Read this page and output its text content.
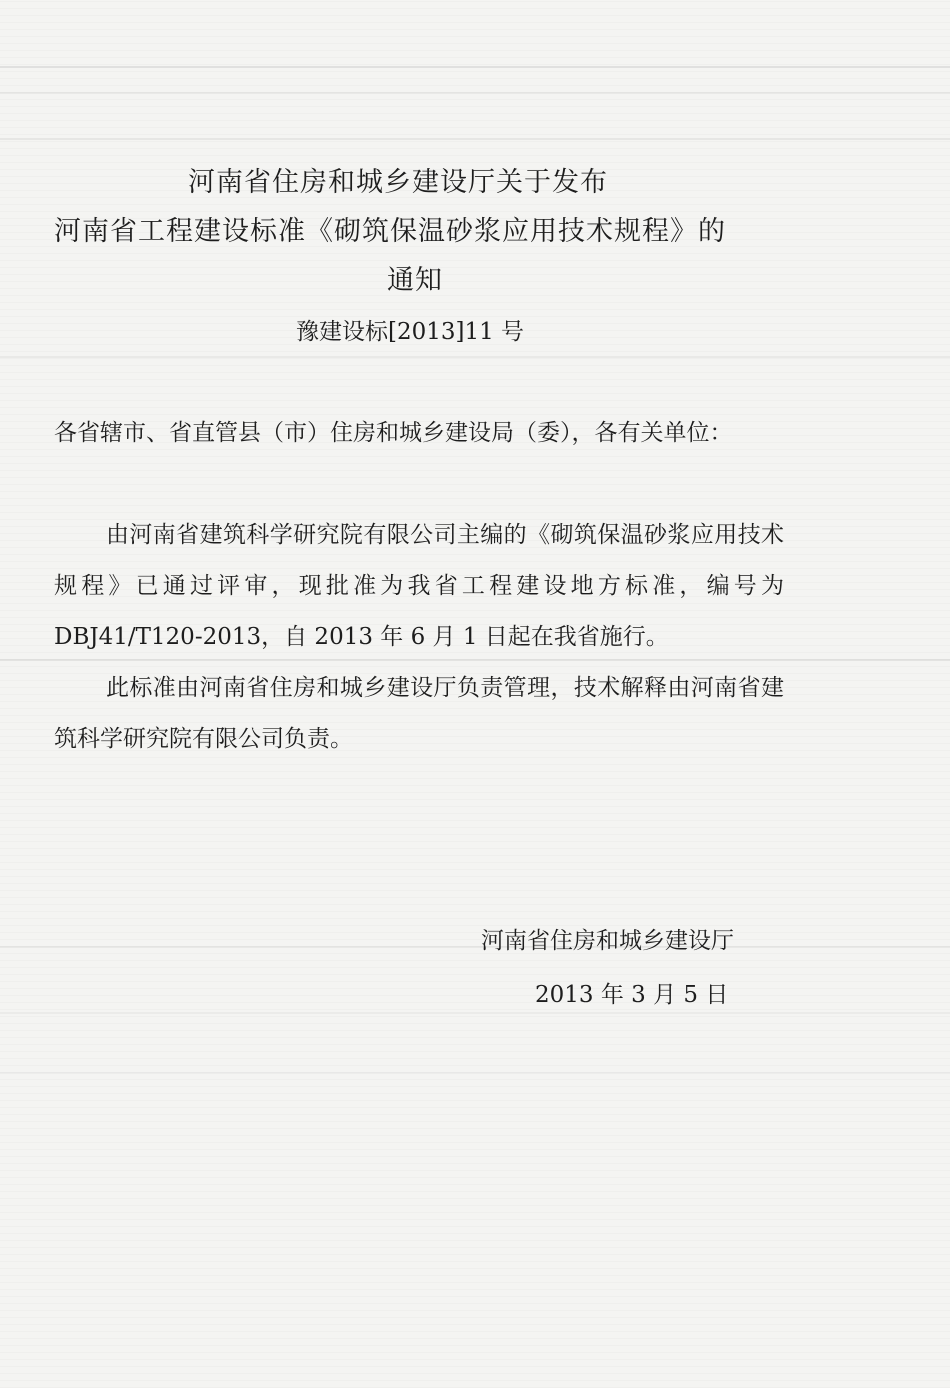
河南省住房和城乡建设厅关于发布
河南省工程建设标准《砌筑保温砂浆应用技术规程》的
通知
豫建设标[2013]11 号
各省辖市、省直管县（市）住房和城乡建设局（委），各有关单位：
由河南省建筑科学研究院有限公司主编的《砌筑保温砂浆应用技术规程》已通过评审，现批准为我省工程建设地方标准，编号为 DBJ41/T120-2013，自 2013 年 6 月 1 日起在我省施行。
此标准由河南省住房和城乡建设厅负责管理，技术解释由河南省建筑科学研究院有限公司负责。
河南省住房和城乡建设厅
2013 年 3 月 5 日
